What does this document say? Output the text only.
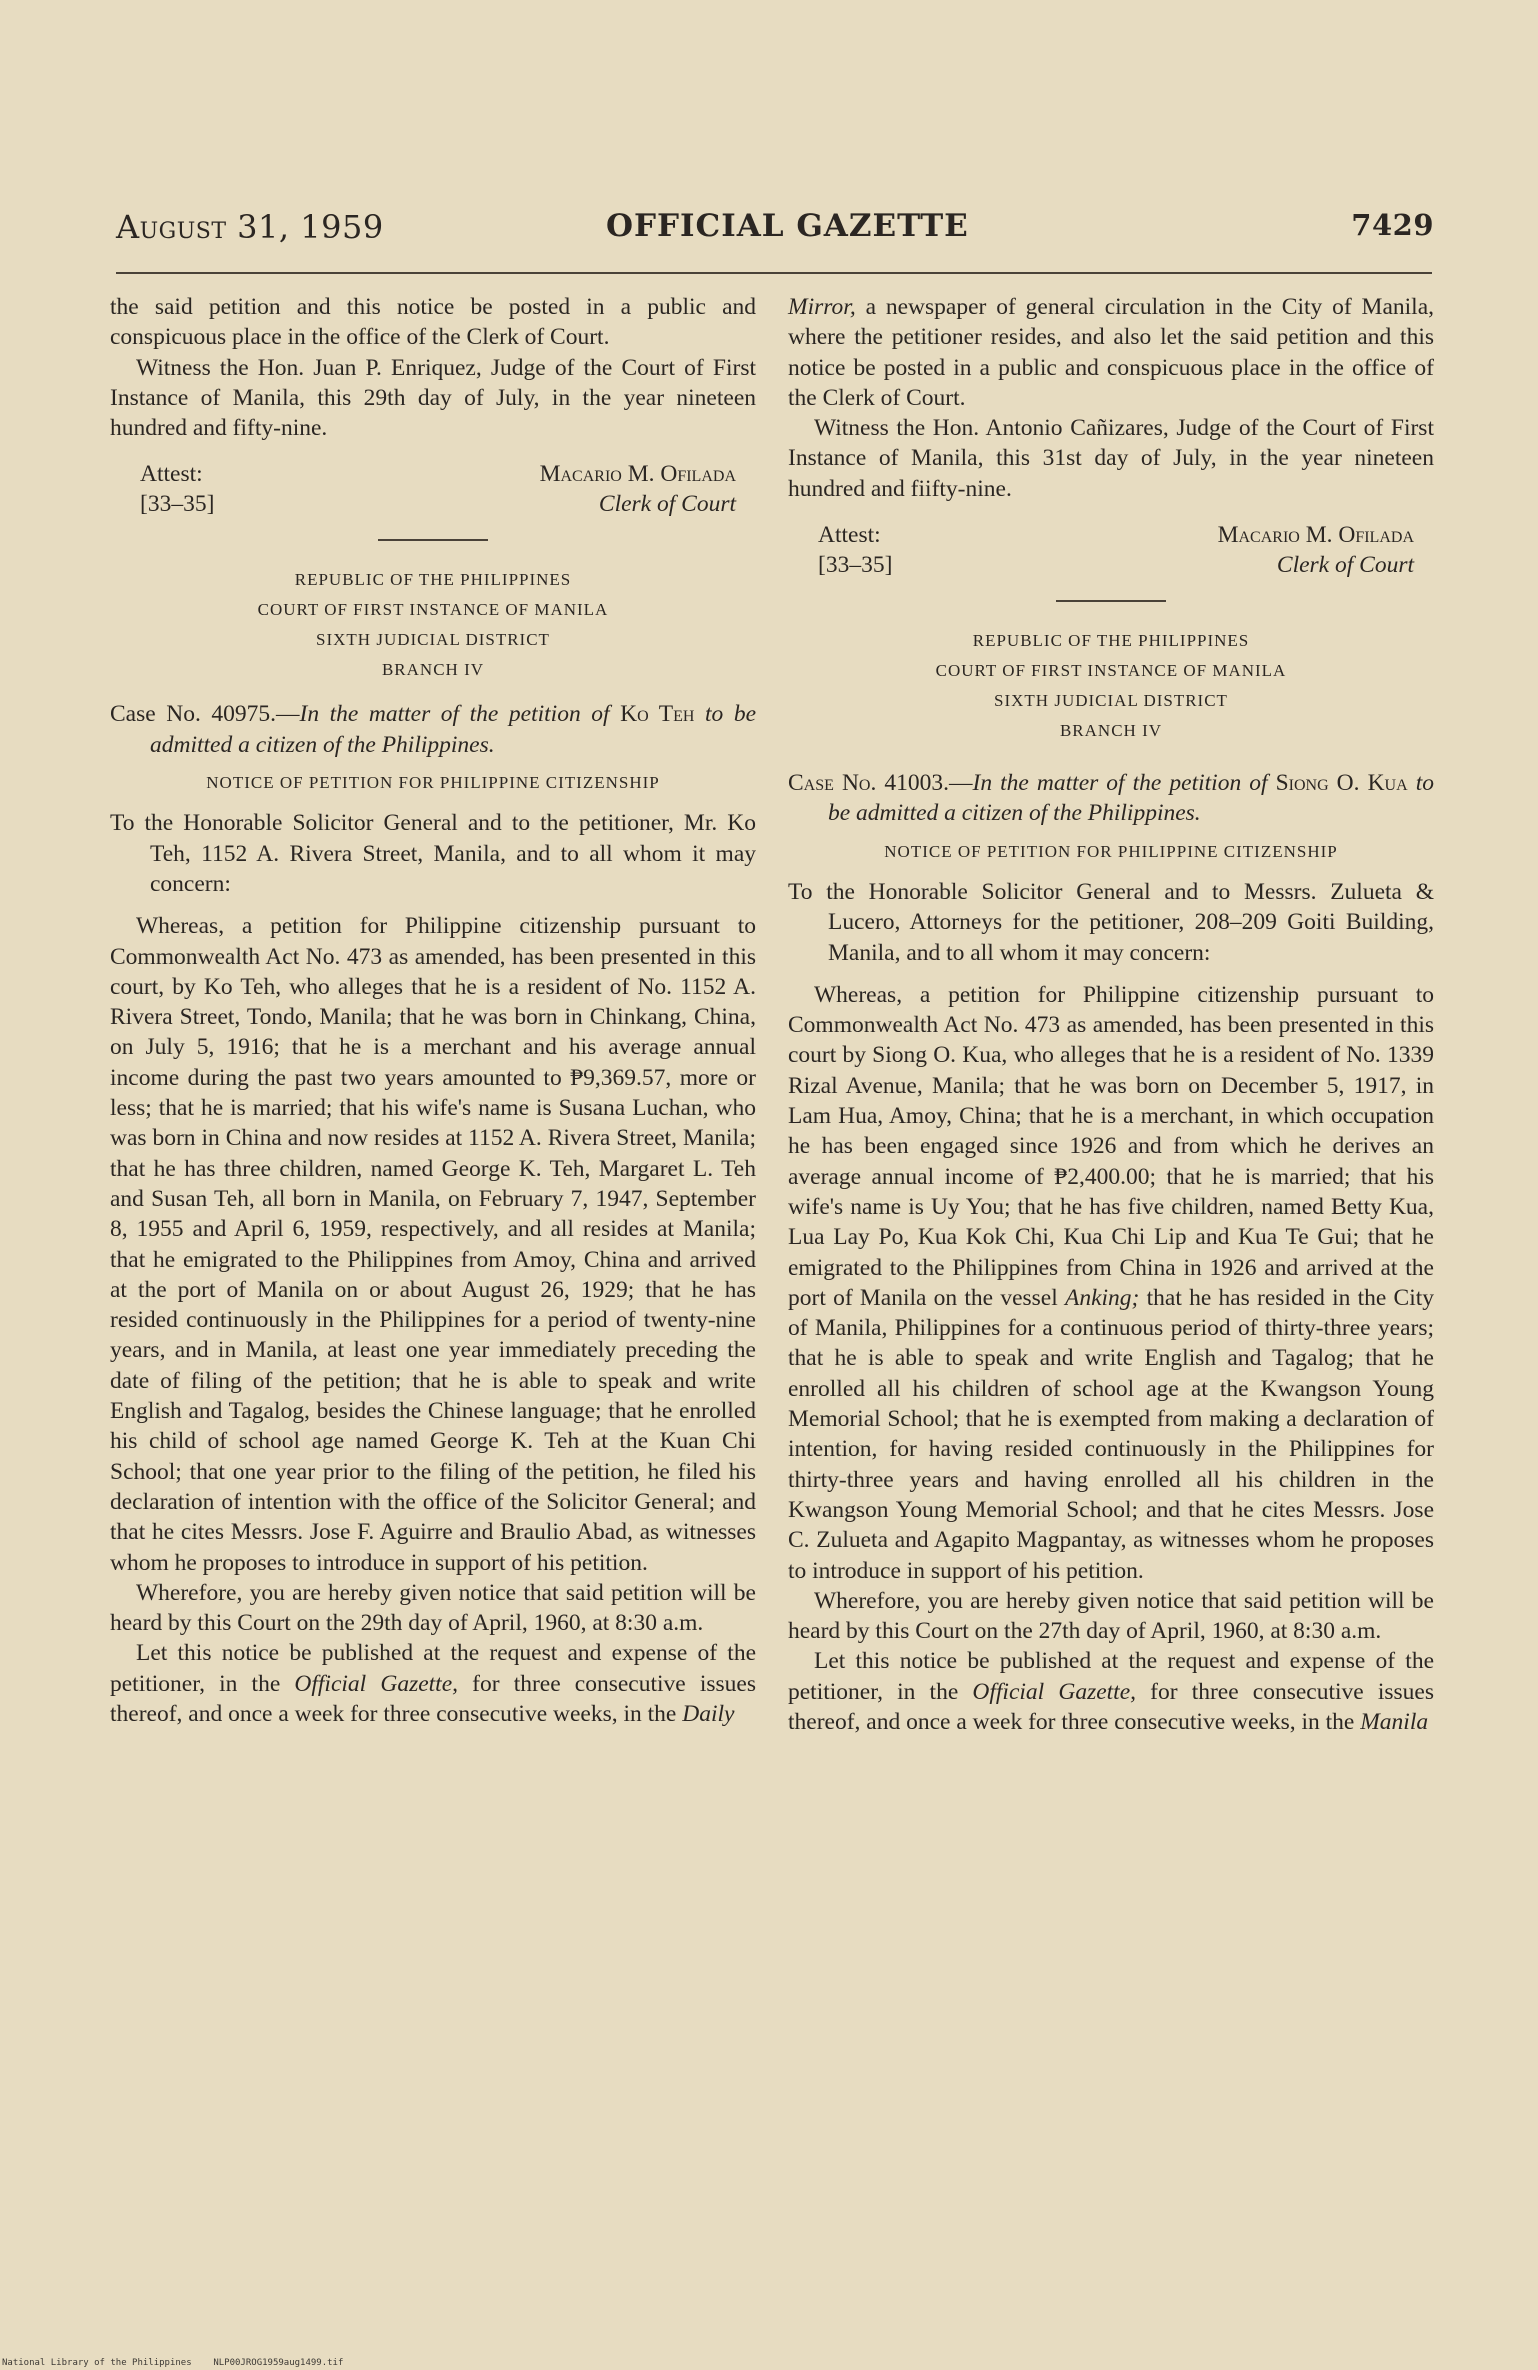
August 31, 1959	OFFICIAL GAZETTE	7429

the said petition and this notice be posted in a public and conspicuous place in the office of the Clerk of Court.

Witness the Hon. Juan P. Enriquez, Judge of the Court of First Instance of Manila, this 29th day of July, in the year nineteen hundred and fifty-nine.

Attest:
[33–35]
Macario M. Ofilada
Clerk of Court
REPUBLIC OF THE PHILIPPINES
COURT OF FIRST INSTANCE OF MANILA
SIXTH JUDICIAL DISTRICT
BRANCH IV

Case No. 40975.—In the matter of the petition of Ko Teh to be admitted a citizen of the Philippines.

NOTICE OF PETITION FOR PHILIPPINE CITIZENSHIP

To the Honorable Solicitor General and to the petitioner, Mr. Ko Teh, 1152 A. Rivera Street, Manila, and to all whom it may concern:

Whereas, a petition for Philippine citizenship pursuant to Commonwealth Act No. 473 as amended, has been presented in this court, by Ko Teh, who alleges that he is a resident of No. 1152 A. Rivera Street, Tondo, Manila; that he was born in Chinkang, China, on July 5, 1916; that he is a merchant and his average annual income during the past two years amounted to ₱9,369.57, more or less; that he is married; that his wife's name is Susana Luchan, who was born in China and now resides at 1152 A. Rivera Street, Manila; that he has three children, named George K. Teh, Margaret L. Teh and Susan Teh, all born in Manila, on February 7, 1947, September 8, 1955 and April 6, 1959, respectively, and all resides at Manila; that he emigrated to the Philippines from Amoy, China and arrived at the port of Manila on or about August 26, 1929; that he has resided continuously in the Philippines for a period of twenty-nine years, and in Manila, at least one year immediately preceding the date of filing of the petition; that he is able to speak and write English and Tagalog, besides the Chinese language; that he enrolled his child of school age named George K. Teh at the Kuan Chi School; that one year prior to the filing of the petition, he filed his declaration of intention with the office of the Solicitor General; and that he cites Messrs. Jose F. Aguirre and Braulio Abad, as witnesses whom he proposes to introduce in support of his petition.

Wherefore, you are hereby given notice that said petition will be heard by this Court on the 29th day of April, 1960, at 8:30 a.m.

Let this notice be published at the request and expense of the petitioner, in the Official Gazette, for three consecutive issues thereof, and once a week for three consecutive weeks, in the Daily

Mirror, a newspaper of general circulation in the City of Manila, where the petitioner resides, and also let the said petition and this notice be posted in a public and conspicuous place in the office of the Clerk of Court.

Witness the Hon. Antonio Cañizares, Judge of the Court of First Instance of Manila, this 31st day of July, in the year nineteen hundred and fiifty-nine.

Attest:
[33–35]
Macario M. Ofilada
Clerk of Court
REPUBLIC OF THE PHILIPPINES
COURT OF FIRST INSTANCE OF MANILA
SIXTH JUDICIAL DISTRICT
BRANCH IV

Case No. 41003.—In the matter of the petition of Siong O. Kua to be admitted a citizen of the Philippines.

NOTICE OF PETITION FOR PHILIPPINE CITIZENSHIP

To the Honorable Solicitor General and to Messrs. Zulueta & Lucero, Attorneys for the petitioner, 208–209 Goiti Building, Manila, and to all whom it may concern:

Whereas, a petition for Philippine citizenship pursuant to Commonwealth Act No. 473 as amended, has been presented in this court by Siong O. Kua, who alleges that he is a resident of No. 1339 Rizal Avenue, Manila; that he was born on December 5, 1917, in Lam Hua, Amoy, China; that he is a merchant, in which occupation he has been engaged since 1926 and from which he derives an average annual income of ₱2,400.00; that he is married; that his wife's name is Uy You; that he has five children, named Betty Kua, Lua Lay Po, Kua Kok Chi, Kua Chi Lip and Kua Te Gui; that he emigrated to the Philippines from China in 1926 and arrived at the port of Manila on the vessel Anking; that he has resided in the City of Manila, Philippines for a continuous period of thirty-three years; that he is able to speak and write English and Tagalog; that he enrolled all his children of school age at the Kwangson Young Memorial School; that he is exempted from making a declaration of intention, for having resided continuously in the Philippines for thirty-three years and having enrolled all his children in the Kwangson Young Memorial School; and that he cites Messrs. Jose C. Zulueta and Agapito Magpantay, as witnesses whom he proposes to introduce in support of his petition.

Wherefore, you are hereby given notice that said petition will be heard by this Court on the 27th day of April, 1960, at 8:30 a.m.

Let this notice be published at the request and expense of the petitioner, in the Official Gazette, for three consecutive issues thereof, and once a week for three consecutive weeks, in the Manila

National Library of the Philippines NLP00JROG1959aug1499.tif
